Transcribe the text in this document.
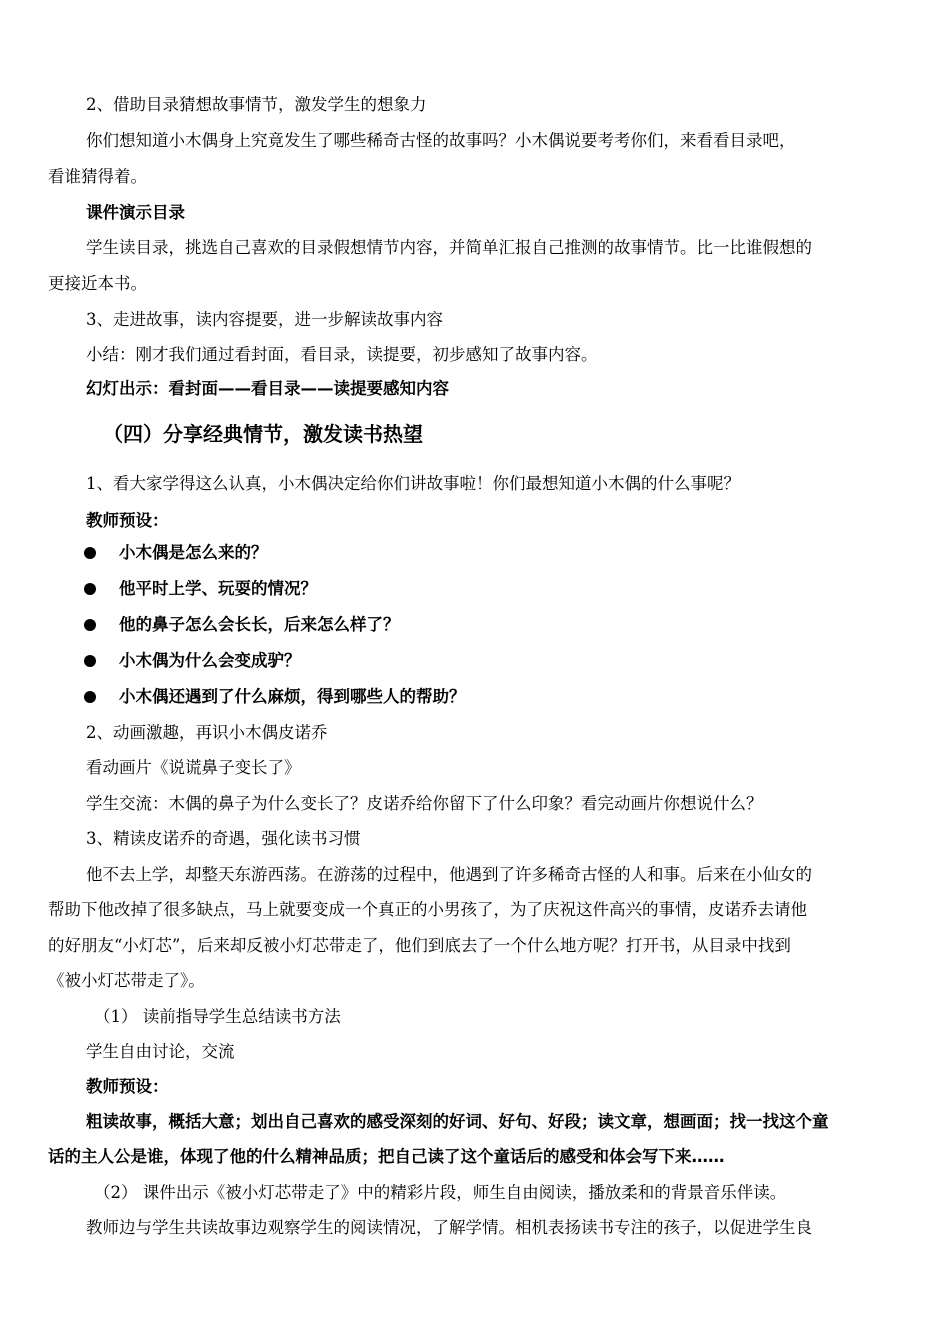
2、借助目录猜想故事情节，激发学生的想象力
你们想知道小木偶身上究竟发生了哪些稀奇古怪的故事吗？小木偶说要考考你们，来看看目录吧，
看谁猜得着。
课件演示目录
学生读目录，挑选自己喜欢的目录假想情节内容，并简单汇报自己推测的故事情节。比一比谁假想的
更接近本书。
3、走进故事，读内容提要，进一步解读故事内容
小结：刚才我们通过看封面，看目录，读提要，初步感知了故事内容。
幻灯出示：看封面——看目录——读提要感知内容
（四）分享经典情节，激发读书热望
1、看大家学得这么认真，小木偶决定给你们讲故事啦！你们最想知道小木偶的什么事呢？
教师预设：
小木偶是怎么来的？
他平时上学、玩耍的情况？
他的鼻子怎么会长长，后来怎么样了？
小木偶为什么会变成驴？
小木偶还遇到了什么麻烦，得到哪些人的帮助？
2、动画激趣，再识小木偶皮诺乔
看动画片《说谎鼻子变长了》
学生交流：木偶的鼻子为什么变长了？皮诺乔给你留下了什么印象？看完动画片你想说什么？
3、精读皮诺乔的奇遇，强化读书习惯
他不去上学，却整天东游西荡。在游荡的过程中，他遇到了许多稀奇古怪的人和事。后来在小仙女的
帮助下他改掉了很多缺点，马上就要变成一个真正的小男孩了，为了庆祝这件高兴的事情，皮诺乔去请他
的好朋友“小灯芯”，后来却反被小灯芯带走了，他们到底去了一个什么地方呢？打开书，从目录中找到
《被小灯芯带走了》。
（1） 读前指导学生总结读书方法
学生自由讨论，交流
教师预设：
粗读故事，概括大意；划出自己喜欢的感受深刻的好词、好句、好段；读文章，想画面；找一找这个童
话的主人公是谁，体现了他的什么精神品质；把自己读了这个童话后的感受和体会写下来……
（2） 课件出示《被小灯芯带走了》中的精彩片段，师生自由阅读，播放柔和的背景音乐伴读。
教师边与学生共读故事边观察学生的阅读情况，了解学情。相机表扬读书专注的孩子，以促进学生良
